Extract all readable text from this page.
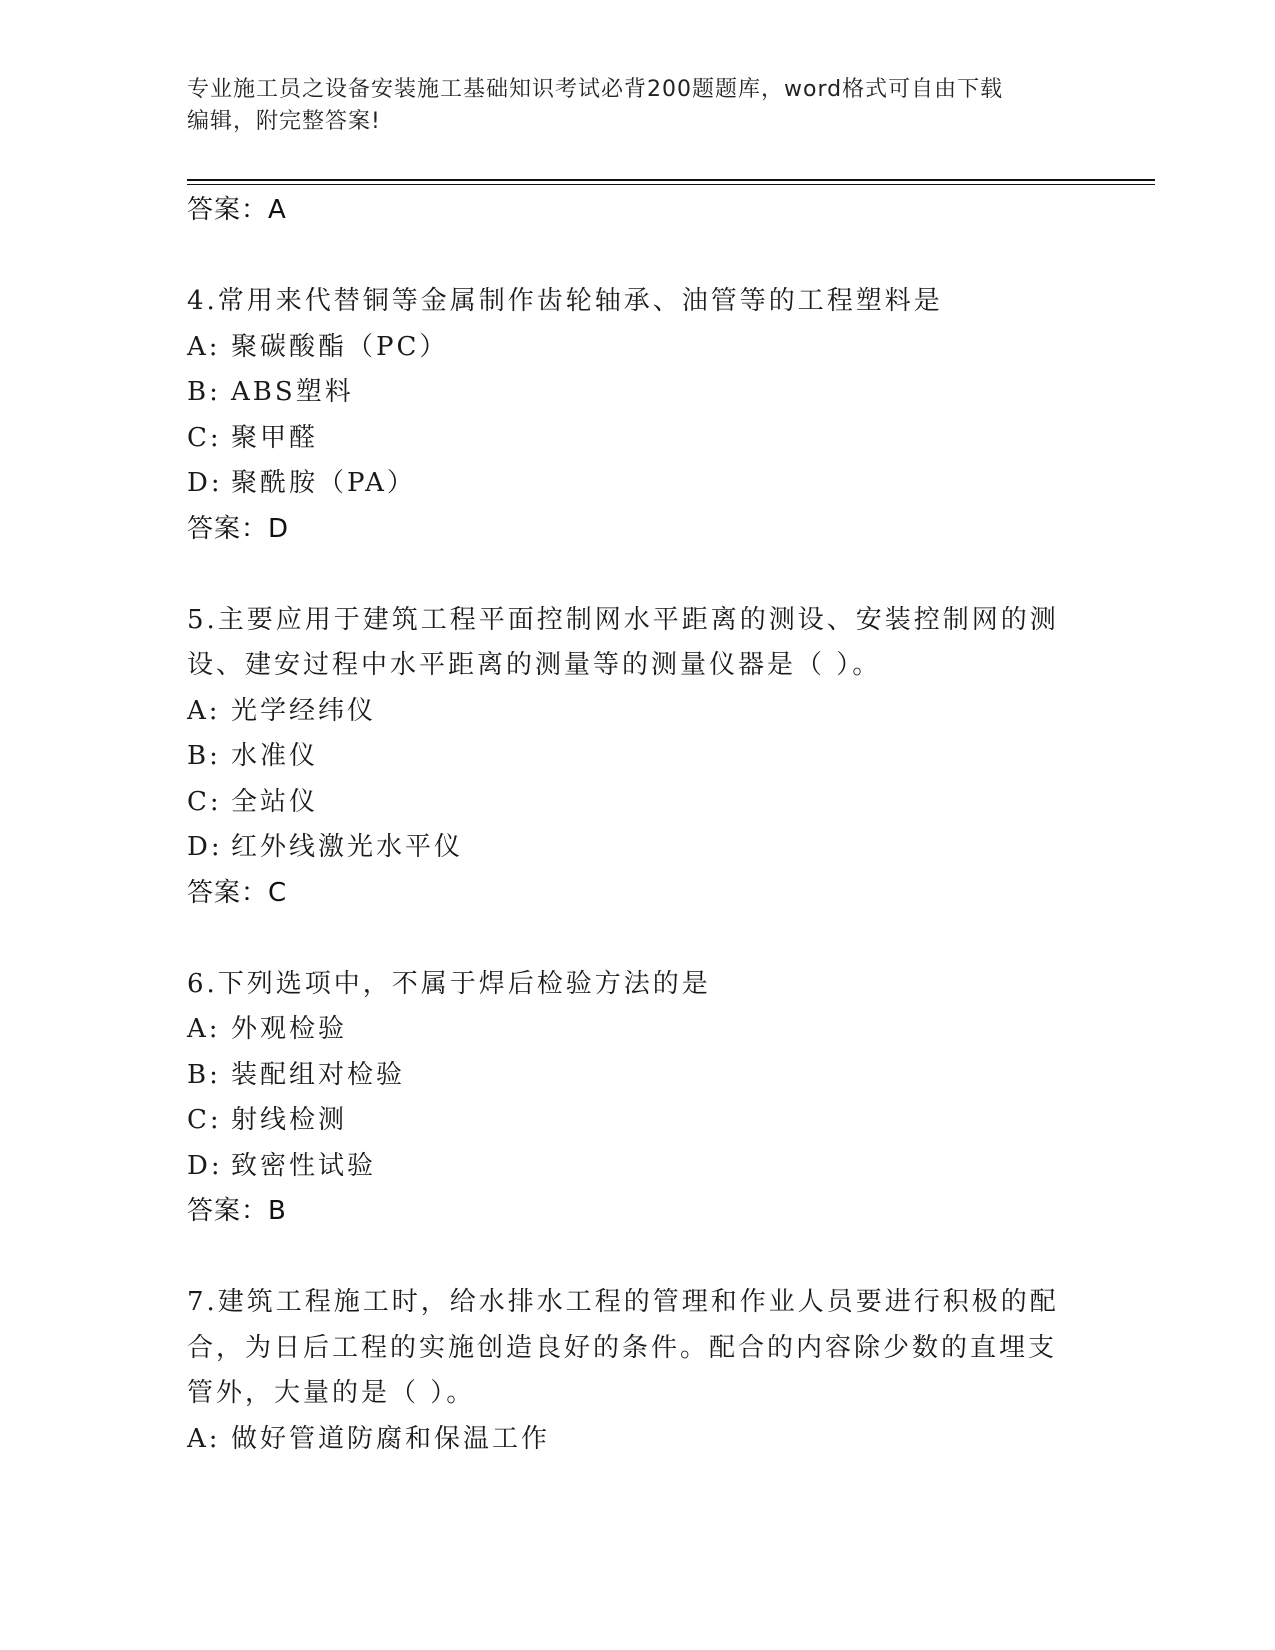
专业施工员之设备安装施工基础知识考试必背200题题库，word格式可自由下载
编辑，附完整答案!
答案：A
4.常用来代替铜等金属制作齿轮轴承、油管等的工程塑料是
A: 聚碳酸酯（PC）
B: ABS塑料
C: 聚甲醛
D: 聚酰胺（PA）
答案：D
5.主要应用于建筑工程平面控制网水平距离的测设、安装控制网的测
设、建安过程中水平距离的测量等的测量仪器是（ ）。
A: 光学经纬仪
B: 水准仪
C: 全站仪
D: 红外线激光水平仪
答案：C
6.下列选项中，不属于焊后检验方法的是
A: 外观检验
B: 装配组对检验
C: 射线检测
D: 致密性试验
答案：B
7.建筑工程施工时，给水排水工程的管理和作业人员要进行积极的配
合，为日后工程的实施创造良好的条件。配合的内容除少数的直埋支
管外，大量的是（ ）。
A: 做好管道防腐和保温工作
